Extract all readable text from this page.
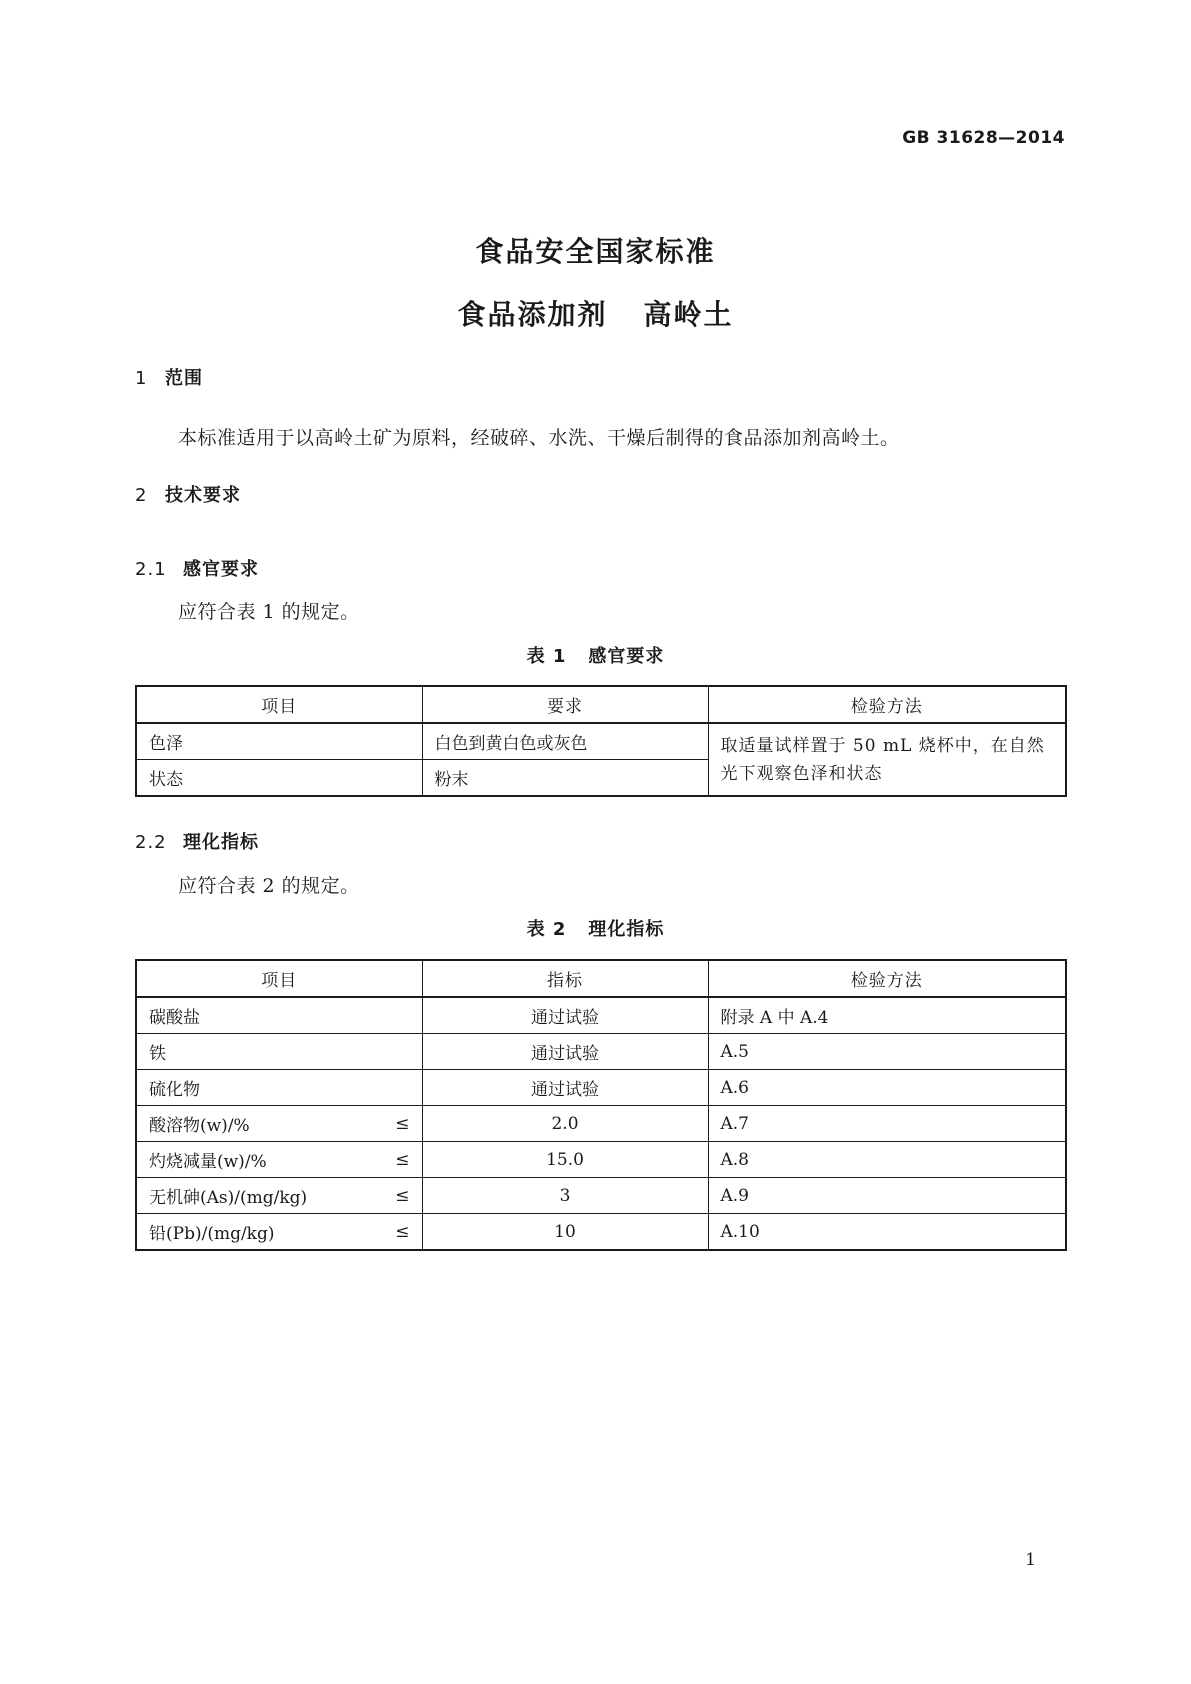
GB 31628—2014
食品安全国家标准
食品添加剂 高岭土
1 范围
本标准适用于以高岭土矿为原料，经破碎、水洗、干燥后制得的食品添加剂高岭土。
2 技术要求
2.1 感官要求
应符合表 1 的规定。
表 1 感官要求
项目	要求	检验方法
色泽	白色到黄白色或灰色	取适量试样置于 50 mL 烧杯中，在自然光下观察色泽和状态
状态	粉末	
2.2 理化指标
应符合表 2 的规定。
表 2 理化指标
项目	指标	检验方法
碳酸盐	通过试验	附录 A 中 A.4
铁	通过试验	A.5
硫化物	通过试验	A.6
酸溶物(w)/% ≤	2.0	A.7
灼烧减量(w)/% ≤	15.0	A.8
无机砷(As)/(mg/kg) ≤	3	A.9
铅(Pb)/(mg/kg) ≤	10	A.10
1
